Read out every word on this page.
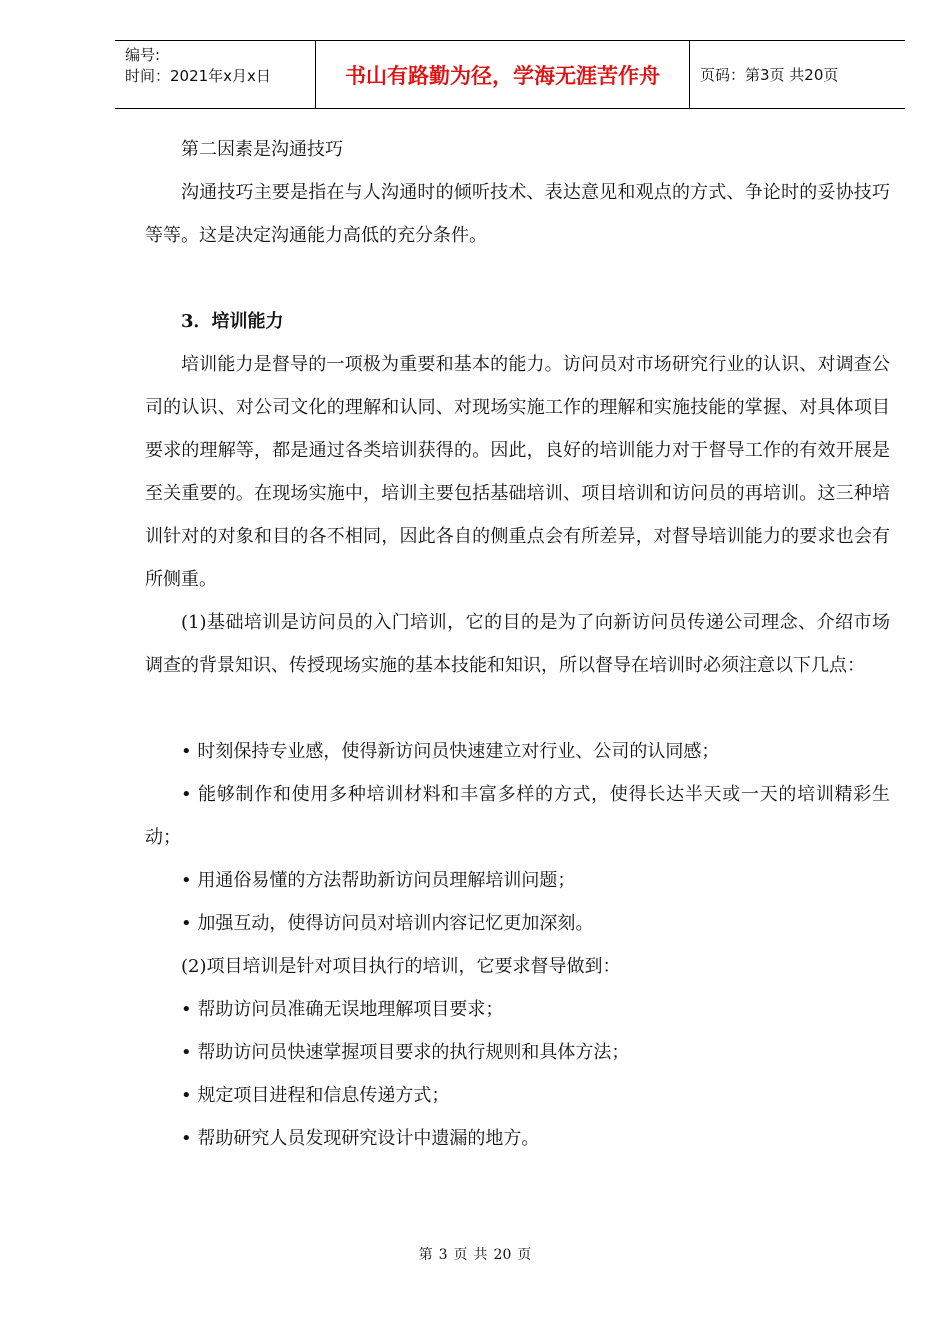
编号:
时间：2021年x月x日	书山有路勤为径，学海无涯苦作舟	页码：第3页 共20页
第二因素是沟通技巧
沟通技巧主要是指在与人沟通时的倾听技术、表达意见和观点的方式、争论时的妥协技巧等等。这是决定沟通能力高低的充分条件。
3．培训能力
培训能力是督导的一项极为重要和基本的能力。访问员对市场研究行业的认识、对调查公司的认识、对公司文化的理解和认同、对现场实施工作的理解和实施技能的掌握、对具体项目要求的理解等，都是通过各类培训获得的。因此，良好的培训能力对于督导工作的有效开展是至关重要的。在现场实施中，培训主要包括基础培训、项目培训和访问员的再培训。这三种培训针对的对象和目的各不相同，因此各自的侧重点会有所差异，对督导培训能力的要求也会有所侧重。
(1)基础培训是访问员的入门培训，它的目的是为了向新访问员传递公司理念、介绍市场调查的背景知识、传授现场实施的基本技能和知识，所以督导在培训时必须注意以下几点：
• 时刻保持专业感，使得新访问员快速建立对行业、公司的认同感；
• 能够制作和使用多种培训材料和丰富多样的方式，使得长达半天或一天的培训精彩生动；
• 用通俗易懂的方法帮助新访问员理解培训问题；
• 加强互动，使得访问员对培训内容记忆更加深刻。
(2)项目培训是针对项目执行的培训，它要求督导做到：
• 帮助访问员准确无误地理解项目要求；
• 帮助访问员快速掌握项目要求的执行规则和具体方法；
• 规定项目进程和信息传递方式；
• 帮助研究人员发现研究设计中遗漏的地方。
第 3 页 共 20 页
